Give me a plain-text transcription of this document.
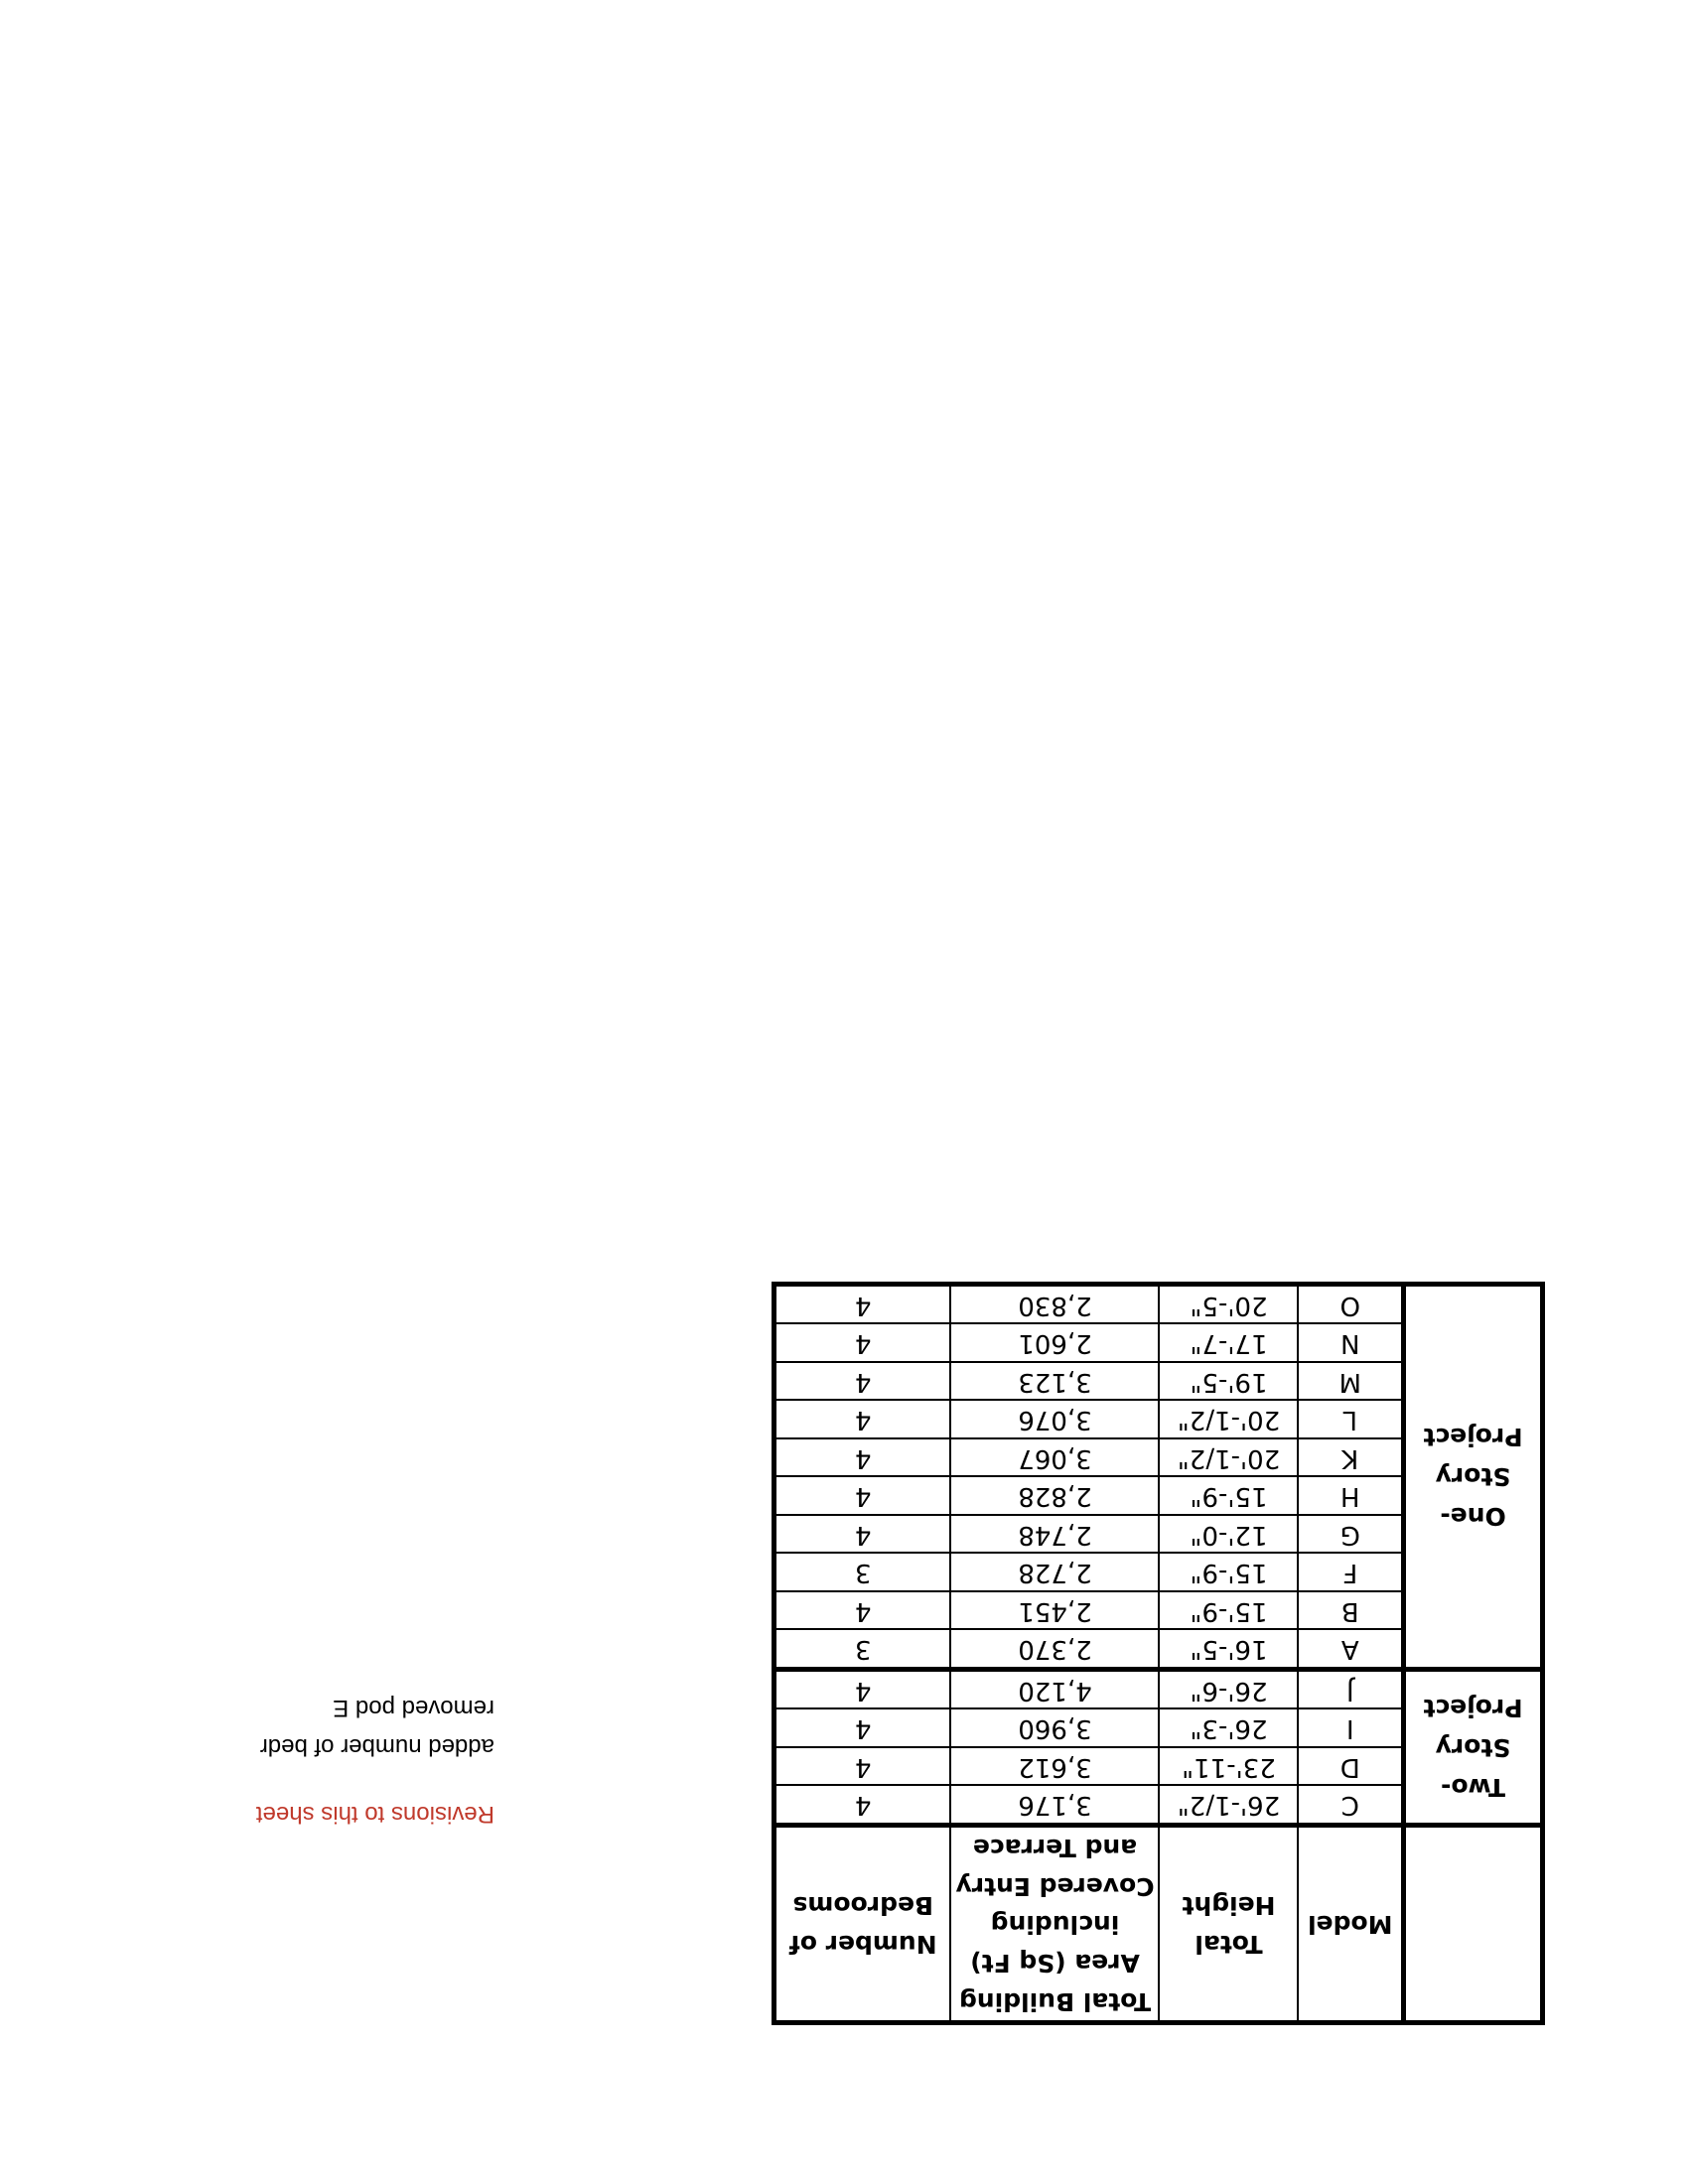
	Model	Total Height	Total Building Area (Sq Ft) including Covered Entry and Terrace	Number of Bedrooms
Two-Story Project	C	26'-1/2"	3,176	4
	D	23'-11"	3,612	4
	I	26'-3"	3,960	4
	J	26'-6"	4,120	4
One-Story Project	A	16'-5"	2,370	3
	B	15'-9"	2,451	4
	F	15'-9"	2,728	3
	G	12'-0"	2,748	4
	H	15'-9"	2,828	4
	K	20'-1/2"	3,067	4
	L	20'-1/2"	3,076	4
	M	19'-5"	3,123	4
	N	17'-7"	2,601	4
	O	20'-5"	2,830	4
Revisions to this sheet
added number of bedr
removed pod E
